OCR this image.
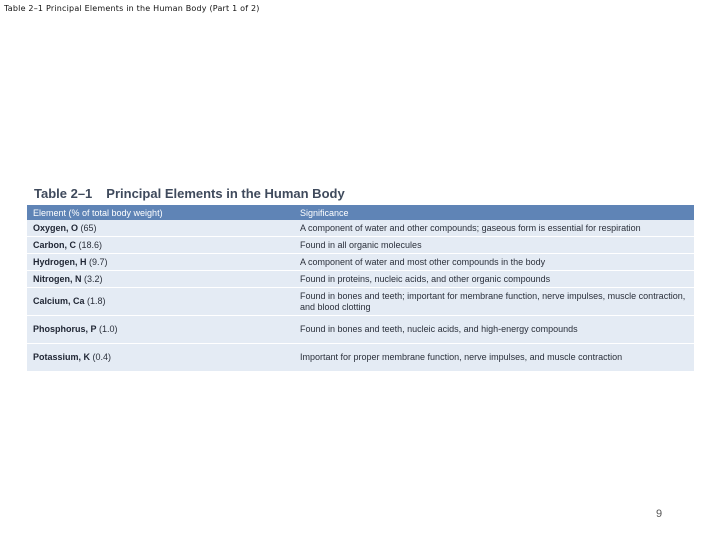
Table 2–1 Principal Elements in the Human Body (Part 1 of 2)
Table 2–1 Principal Elements in the Human Body
Element (% of total body weight)	Significance
Oxygen, O (65)	A component of water and other compounds; gaseous form is essential for respiration
Carbon, C (18.6)	Found in all organic molecules
Hydrogen, H (9.7)	A component of water and most other compounds in the body
Nitrogen, N (3.2)	Found in proteins, nucleic acids, and other organic compounds
Calcium, Ca (1.8)	Found in bones and teeth; important for membrane function, nerve impulses, muscle contraction, and blood clotting
Phosphorus, P (1.0)	Found in bones and teeth, nucleic acids, and high-energy compounds
Potassium, K (0.4)	Important for proper membrane function, nerve impulses, and muscle contraction
9
